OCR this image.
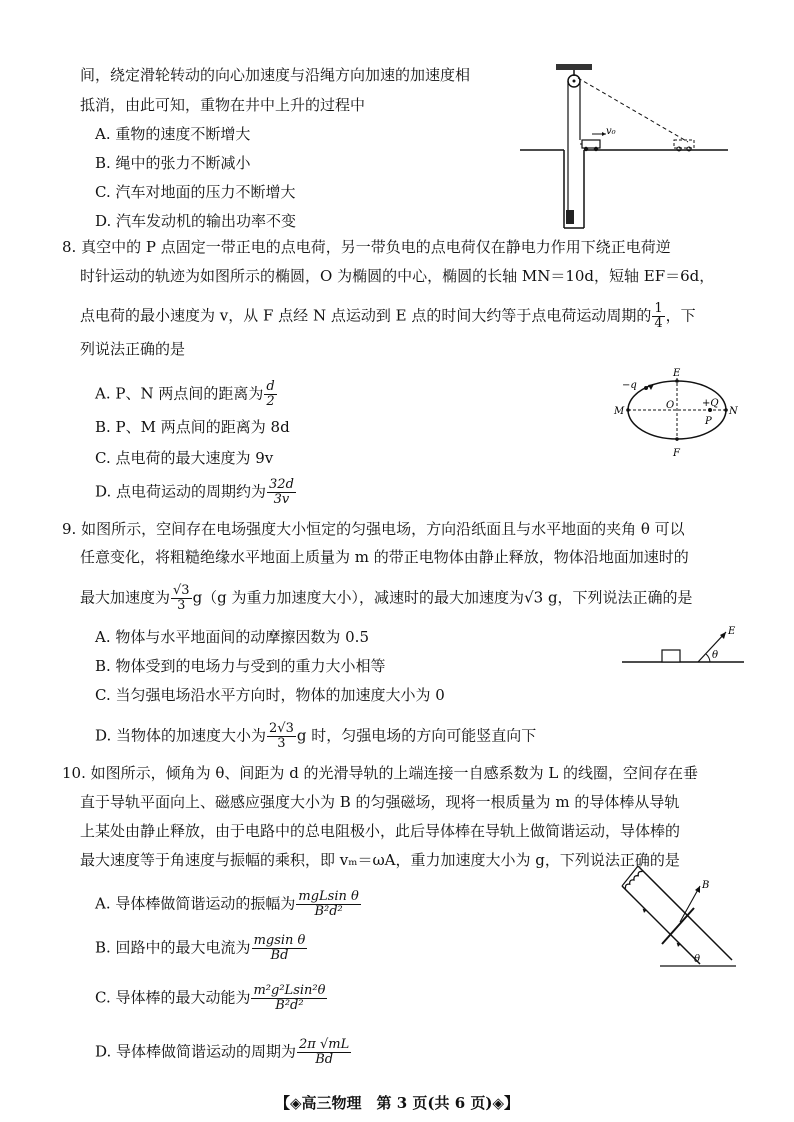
间，绕定滑轮转动的向心加速度与沿绳方向加速的加速度相
抵消，由此可知，重物在井中上升的过程中
A. 重物的速度不断增大
B. 绳中的张力不断减小
C. 汽车对地面的压力不断增大
D. 汽车发动机的输出功率不变
v₀
8. 真空中的 P 点固定一带正电的点电荷，另一带负电的点电荷仅在静电力作用下绕正电荷逆
时针运动的轨迹为如图所示的椭圆，O 为椭圆的中心，椭圆的长轴 MN＝10d，短轴 EF＝6d，
点电荷的最小速度为 v，从 F 点经 N 点运动到 E 点的时间大约等于点电荷运动周期的 $\frac{1}{4}$ ，下
列说法正确的是
A. P、N 两点间的距离为 $\frac{d}{2}$
B. P、M 两点间的距离为 8d
C. 点电荷的最大速度为 9v
D. 点电荷运动的周期约为 $\frac{32d}{3v}$
E
F
M	N
O
P
−q
+Q
9. 如图所示，空间存在电场强度大小恒定的匀强电场，方向沿纸面且与水平地面的夹角 θ 可以
任意变化，将粗糙绝缘水平地面上质量为 m 的带正电物体由静止释放，物体沿地面加速时的
最大加速度为 $\frac{√3}{3} g(g$ 为重力加速度大小），减速时的最大加速度为√3 g，下列说法正确的是
A. 物体与水平地面间的动摩擦因数为 0.5
B. 物体受到的电场力与受到的重力大小相等
C. 当匀强电场沿水平方向时，物体的加速度大小为 0
D. 当物体的加速度大小为 $\frac{2√3}{3}$ g 时，匀强电场的方向可能竖直向下
E
θ
10. 如图所示，倾角为 θ、间距为 d 的光滑导轨的上端连接一自感系数为 L 的线圈，空间存在垂
直于导轨平面向上、磁感应强度大小为 B 的匀强磁场，现将一根质量为 m 的导体棒从导轨
上某处由静止释放，由于电路中的总电阻极小，此后导体棒在导轨上做简谐运动，导体棒的
最大速度等于角速度与振幅的乘积，即 vₘ＝ωA，重力加速度大小为 g，下列说法正确的是
A. 导体棒做简谐运动的振幅为 mgLsin θ
B²d²
B. 回路中的最大电流为 $\frac{\text{mgsin θ}}{Bd}$
C. 导体棒的最大动能为 $\frac{\text{m²g²Lsin²θ}}{\text{B²d²}}$
D. 导体棒做简谐运动的周期为 $\frac{2\pi √mL}{Bd}$
B
θ
【◈高三物理　第 3 页(共 6 页)◈】
